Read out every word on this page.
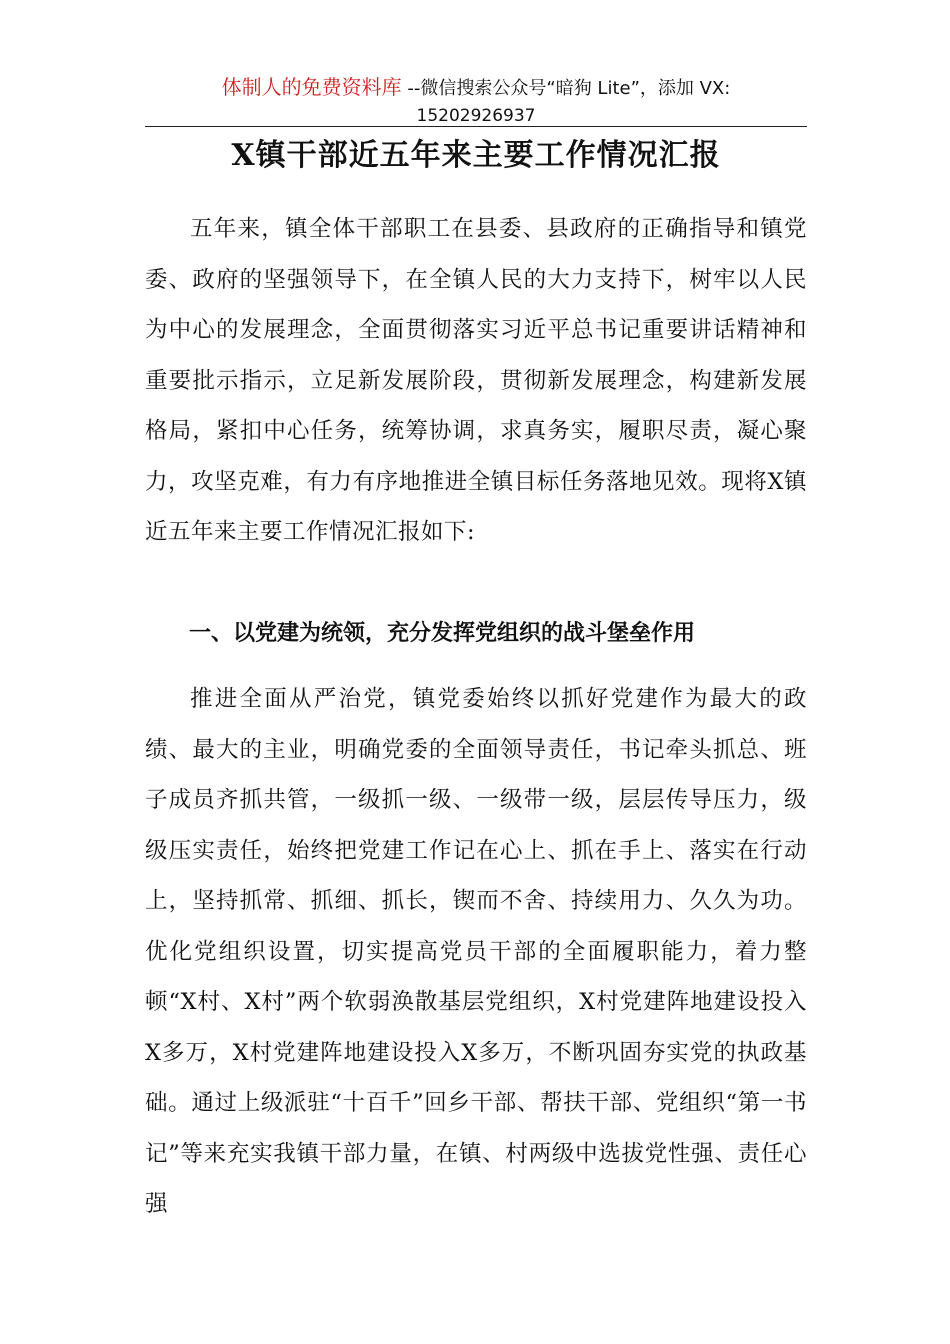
体制人的免费资料库 --微信搜索公众号“暗狗 Lite”，添加 VX:
15202926937
X镇干部近五年来主要工作情况汇报

五年来，镇全体干部职工在县委、县政府的正确指导和镇党委、政府的坚强领导下，在全镇人民的大力支持下，树牢以人民为中心的发展理念，全面贯彻落实习近平总书记重要讲话精神和重要批示指示，立足新发展阶段，贯彻新发展理念，构建新发展格局，紧扣中心任务，统筹协调，求真务实，履职尽责，凝心聚力，攻坚克难，有力有序地推进全镇目标任务落地见效。现将X镇近五年来主要工作情况汇报如下:

一、以党建为统领，充分发挥党组织的战斗堡垒作用

推进全面从严治党，镇党委始终以抓好党建作为最大的政绩、最大的主业，明确党委的全面领导责任，书记牵头抓总、班子成员齐抓共管，一级抓一级、一级带一级，层层传导压力，级级压实责任，始终把党建工作记在心上、抓在手上、落实在行动上，坚持抓常、抓细、抓长，锲而不舍、持续用力、久久为功。优化党组织设置，切实提高党员干部的全面履职能力，着力整顿“X村、X村”两个软弱涣散基层党组织，X村党建阵地建设投入X多万，X村党建阵地建设投入X多万，不断巩固夯实党的执政基础。通过上级派驻“十百千”回乡干部、帮扶干部、党组织“第一书记”等来充实我镇干部力量，在镇、村两级中选拔党性强、责任心强
